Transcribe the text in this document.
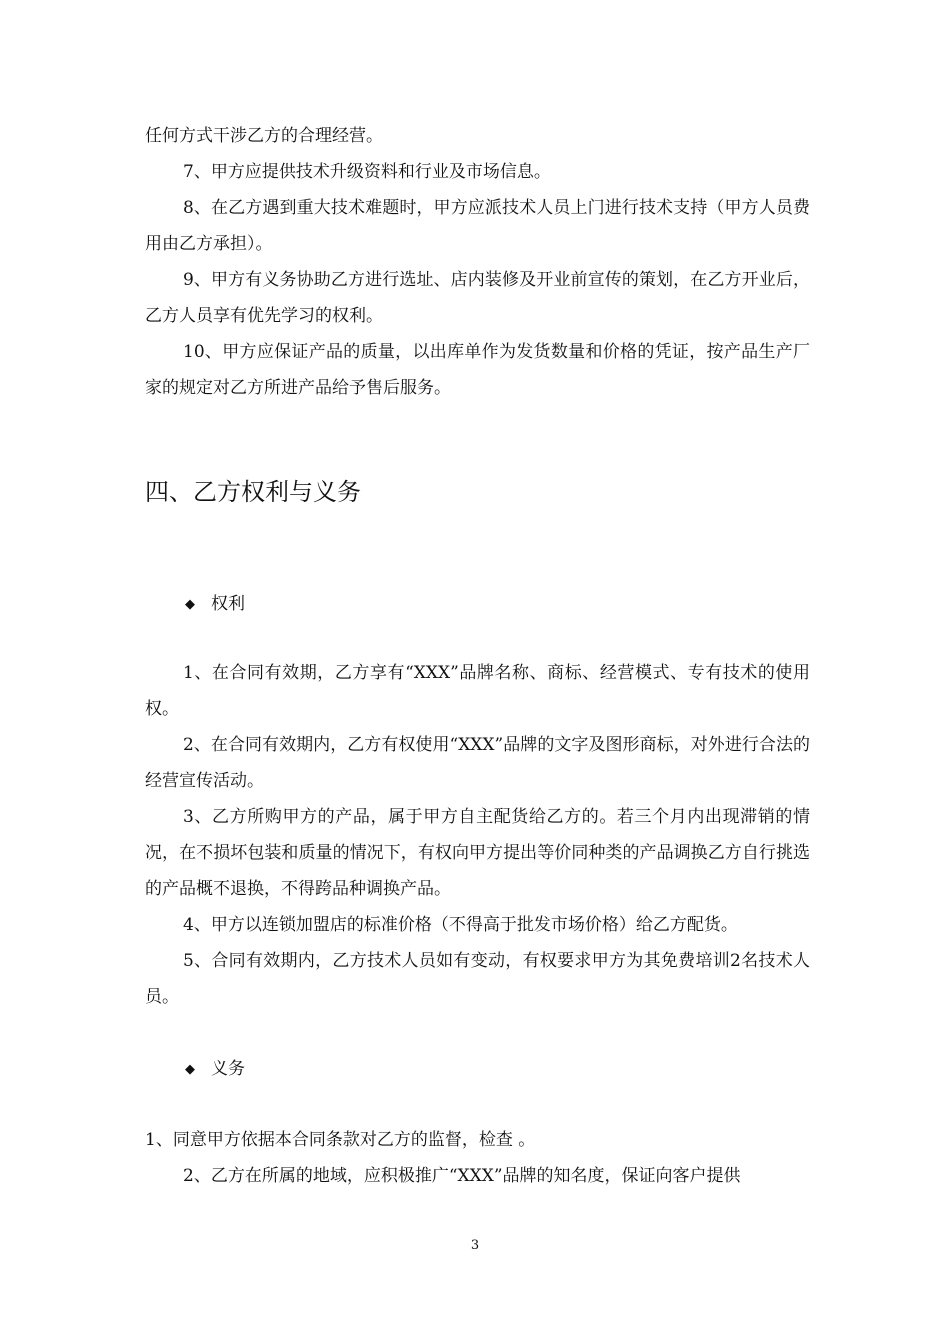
任何方式干涉乙方的合理经营。

7、甲方应提供技术升级资料和行业及市场信息。

8、在乙方遇到重大技术难题时，甲方应派技术人员上门进行技术支持（甲方人员费用由乙方承担）。

9、甲方有义务协助乙方进行选址、店内装修及开业前宣传的策划，在乙方开业后，乙方人员享有优先学习的权利。

10、甲方应保证产品的质量，以出库单作为发货数量和价格的凭证，按产品生产厂家的规定对乙方所进产品给予售后服务。

四、乙方权利与义务
◆ 权利

1、在合同有效期，乙方享有“XXX”品牌名称、商标、经营模式、专有技术的使用权。

2、在合同有效期内，乙方有权使用“XXX”品牌的文字及图形商标，对外进行合法的经营宣传活动。

3、乙方所购甲方的产品，属于甲方自主配货给乙方的。若三个月内出现滞销的情况，在不损坏包装和质量的情况下，有权向甲方提出等价同种类的产品调换乙方自行挑选的产品概不退换，不得跨品种调换产品。

4、甲方以连锁加盟店的标准价格（不得高于批发市场价格）给乙方配货。

5、合同有效期内，乙方技术人员如有变动，有权要求甲方为其免费培训2名技术人员。

◆ 义务

1、同意甲方依据本合同条款对乙方的监督，检查 。

2、乙方在所属的地域，应积极推广“XXX”品牌的知名度，保证向客户提供

3
